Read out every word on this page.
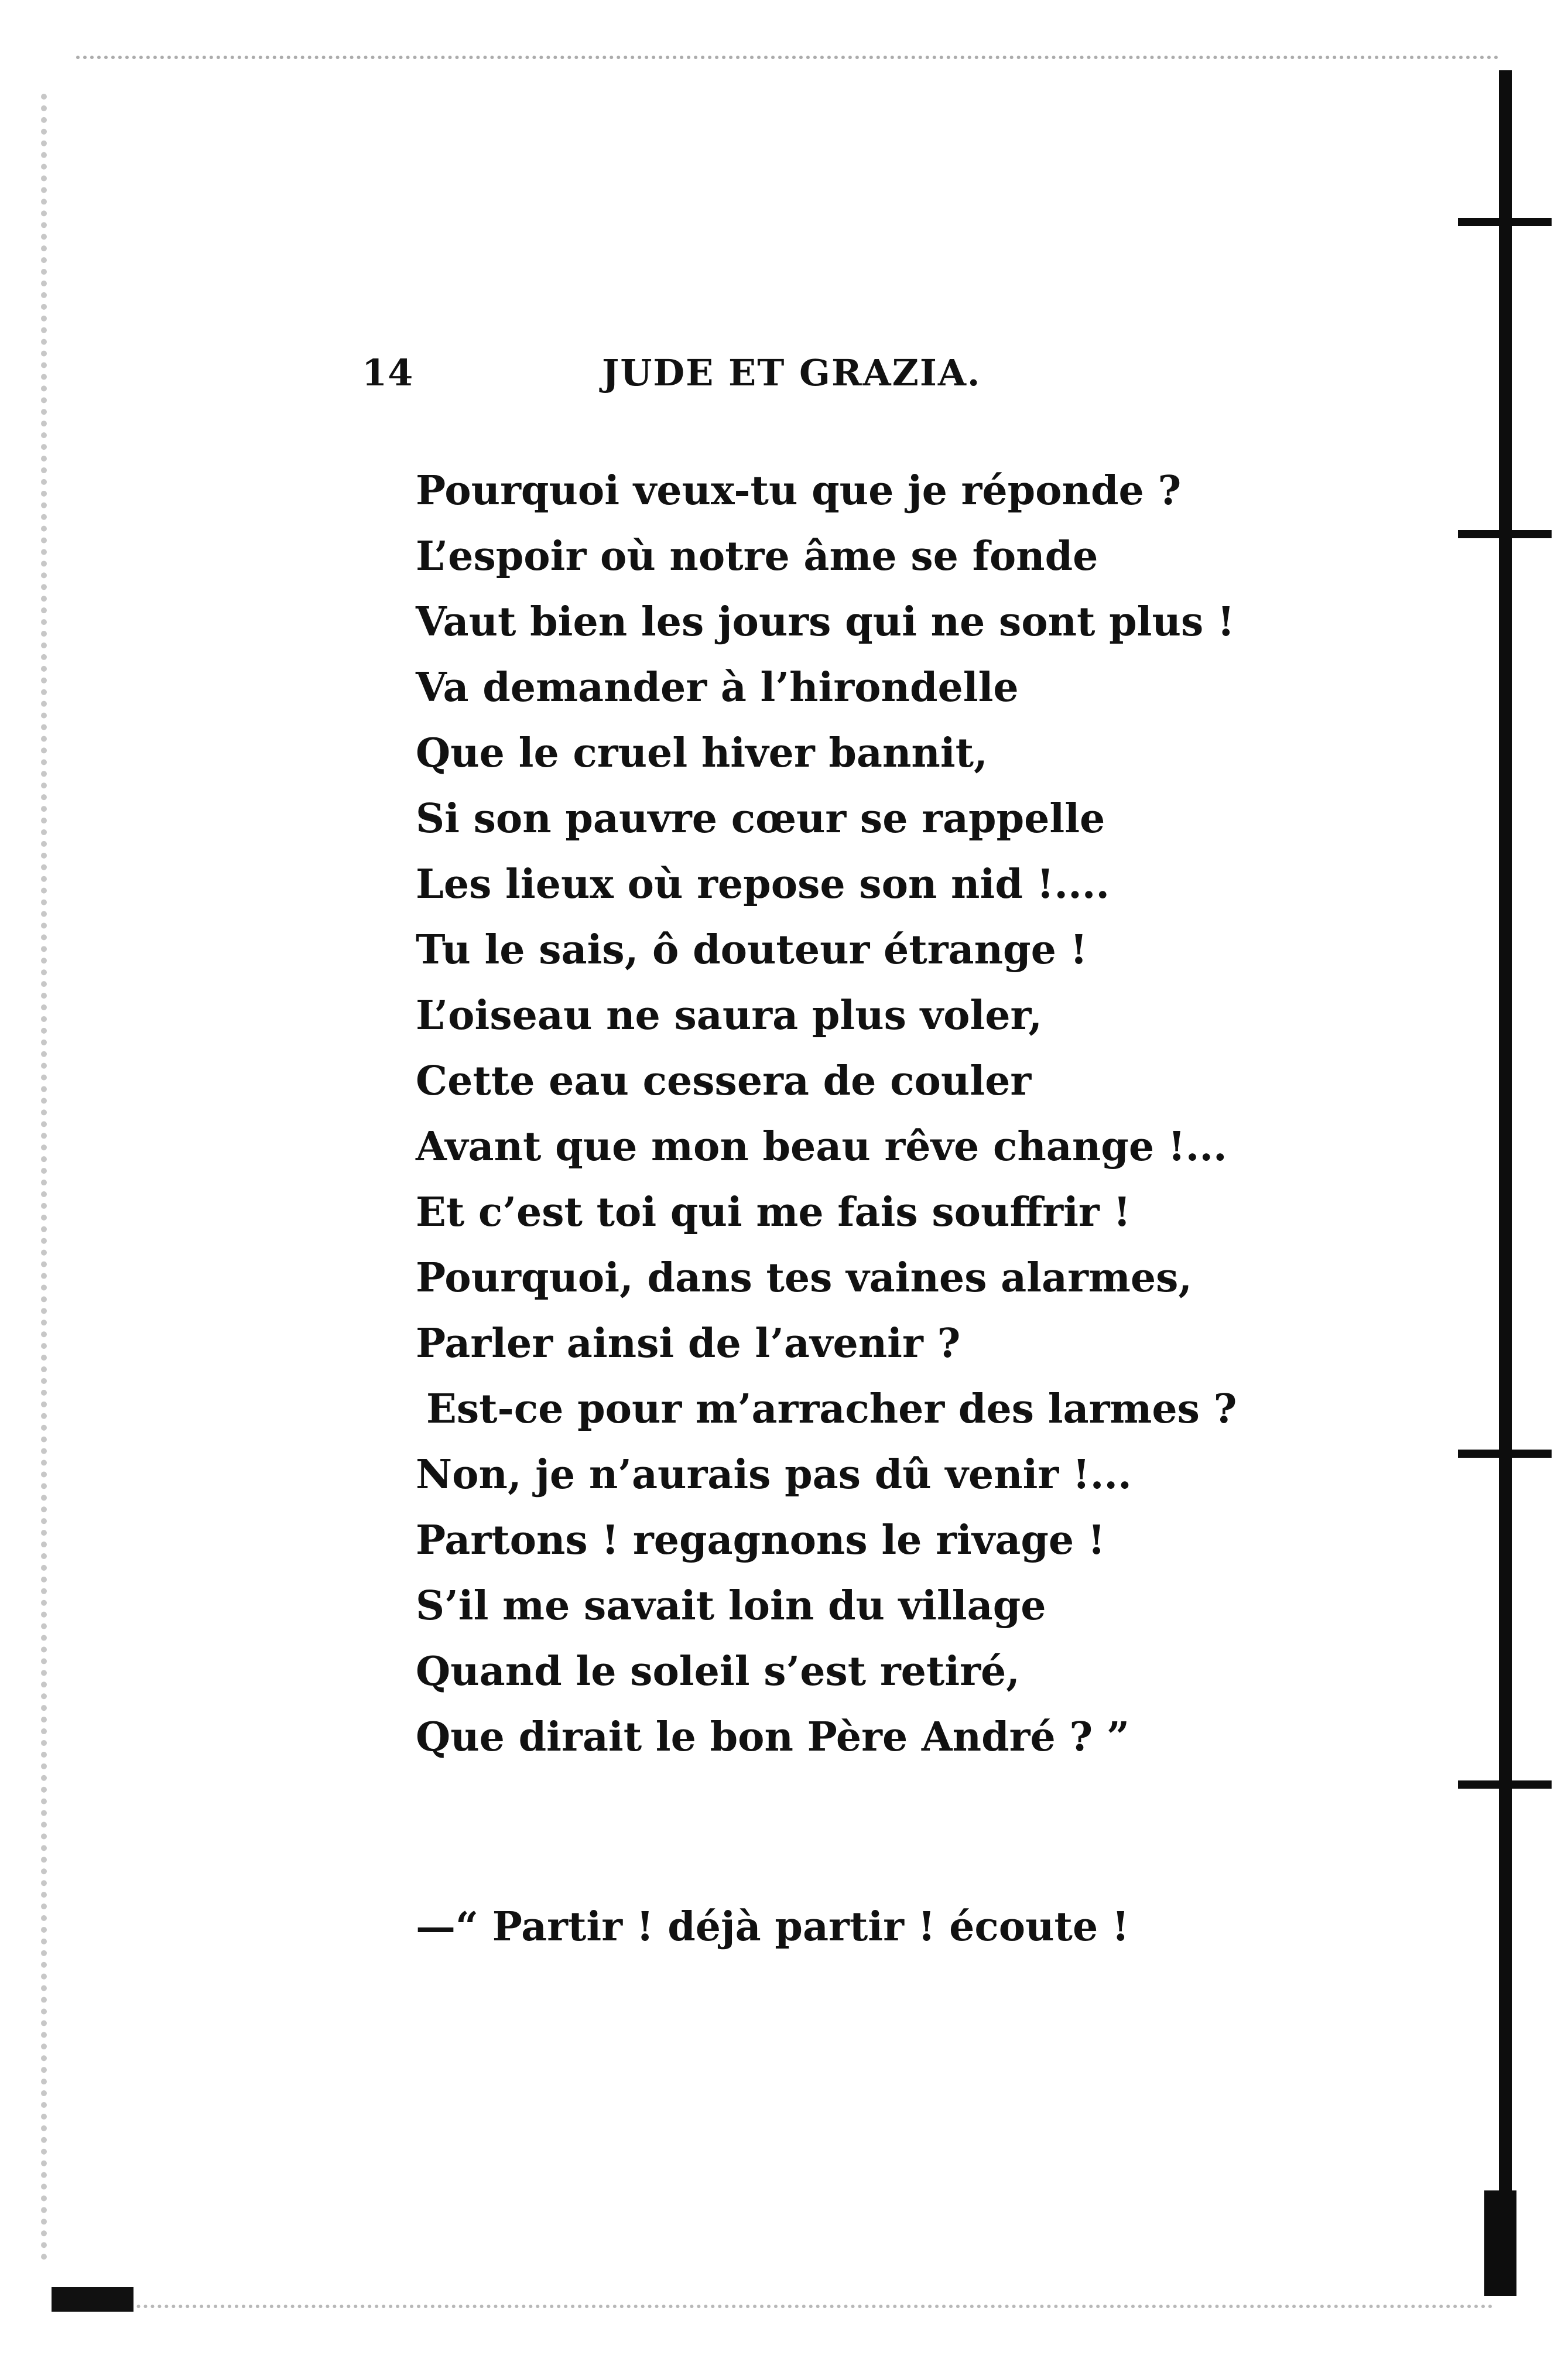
14	JUDE ET GRAZIA.
Pourquoi veux-tu que je réponde ?
L’espoir où notre âme se fonde
Vaut bien les jours qui ne sont plus !
Va demander à l’hirondelle
Que le cruel hiver bannit,
Si son pauvre cœur se rappelle
Les lieux où repose son nid !....
Tu le sais, ô douteur étrange !
L’oiseau ne saura plus voler,
Cette eau cessera de couler
Avant que mon beau rêve change !...
Et c’est toi qui me fais souffrir !
Pourquoi, dans tes vaines alarmes,
Parler ainsi de l’avenir ?
Est-ce pour m’arracher des larmes ?
Non, je n’aurais pas dû venir !...
Partons ! regagnons le rivage !
S’il me savait loin du village
Quand le soleil s’est retiré,
Que dirait le bon Père André ? ”
—“ Partir ! déjà partir ! écoute !
